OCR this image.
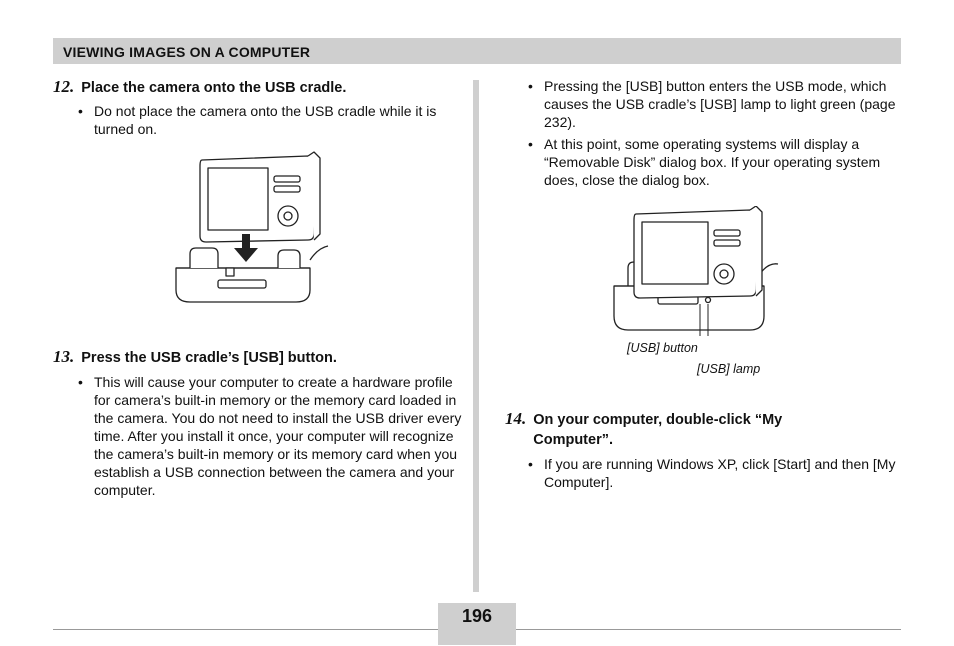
VIEWING IMAGES ON A COMPUTER
12. Place the camera onto the USB cradle.
• Do not place the camera onto the USB cradle while it is turned on.
13. Press the USB cradle’s [USB] button.
• This will cause your computer to create a hardware profile for camera’s built-in memory or the memory card loaded in the camera. You do not need to install the USB driver every time. After you install it once, your computer will recognize the camera’s built-in memory or its memory card when you establish a USB connection between the camera and your computer.
• Pressing the [USB] button enters the USB mode, which causes the USB cradle’s [USB] lamp to light green (page 232).
• At this point, some operating systems will display a “Removable Disk” dialog box. If your operating system does, close the dialog box.
[USB] button
[USB] lamp
14. On your computer, double-click “My
Computer”.
• If you are running Windows XP, click [Start] and then [My Computer].
196
